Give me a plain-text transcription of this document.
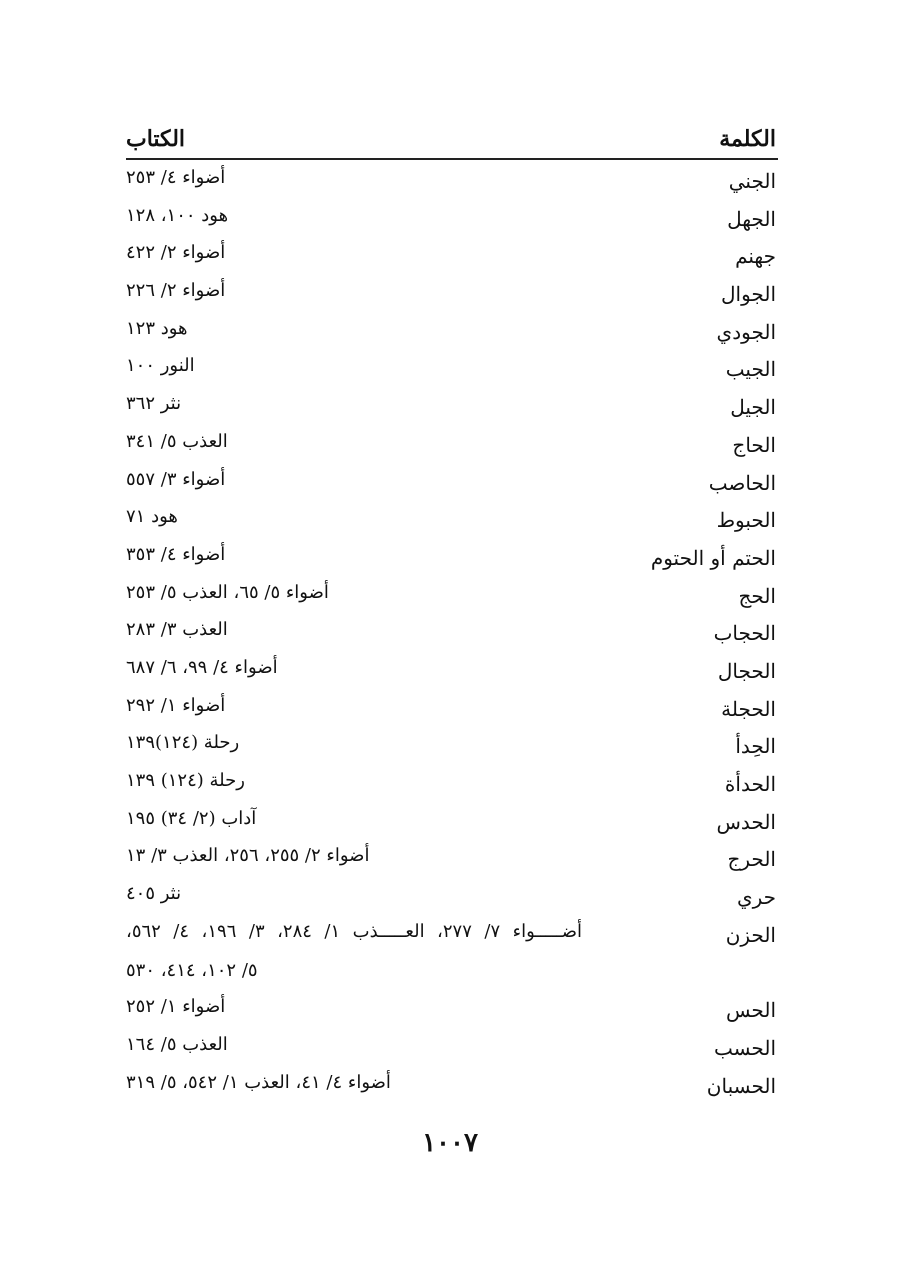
الكلمة
الكتاب
الجني
أضواء ٤/ ٢٥٣
الجهل
هود ١٠٠، ١٢٨
جهنم
أضواء ٢/ ٤٢٢
الجوال
أضواء ٢/ ٢٢٦
الجودي
هود ١٢٣
الجيب
النور ١٠٠
الجيل
نثر ٣٦٢
الحاج
العذب ٥/ ٣٤١
الحاصب
أضواء ٣/ ٥٥٧
الحبوط
هود ٧١
الحتم أو الحتوم
أضواء ٤/ ٣٥٣
الحج
أضواء ٥/ ٦٥، العذب ٥/ ٢٥٣
الحجاب
العذب ٣/ ٢٨٣
الحجال
أضواء ٤/ ٩٩، ٦/ ٦٨٧
الحجلة
أضواء ١/ ٢٩٢
الحِدأ
رحلة (١٢٤)١٣٩
الحدأة
رحلة (١٢٤) ١٣٩
الحدس
آداب (٢/ ٣٤) ١٩٥
الحرج
أضواء ٢/ ٢٥٥، ٢٥٦، العذب ٣/ ١٣
حري
نثر ٤٠٥
الحزن
أضـــــواء ٧/ ٢٧٧، العـــــذب ١/ ٢٨٤، ٣/ ١٩٦، ٤/ ٥٦٢،
٥/ ١٠٢، ٤١٤، ٥٣٠
الحس
أضواء ١/ ٢٥٢
الحسب
العذب ٥/ ١٦٤
الحسبان
أضواء ٤/ ٤١، العذب ١/ ٥٤٢، ٥/ ٣١٩
١٠٠٧
